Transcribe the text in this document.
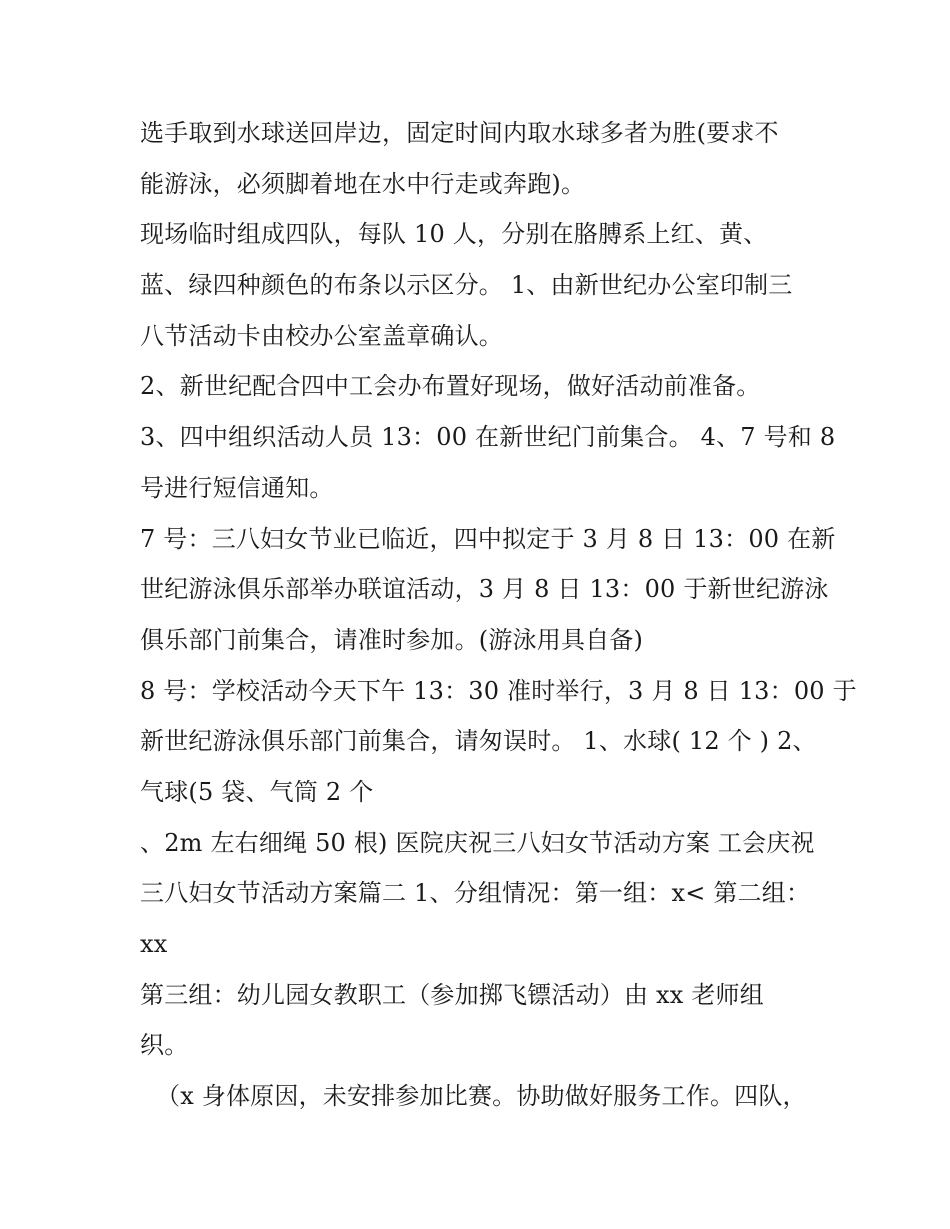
选手取到水球送回岸边，固定时间内取水球多者为胜(要求不
能游泳，必须脚着地在水中行走或奔跑)。
现场临时组成四队，每队 10 人，分别在胳膊系上红、黄、
蓝、绿四种颜色的布条以示区分。 1、由新世纪办公室印制三
八节活动卡由校办公室盖章确认。
2、新世纪配合四中工会办布置好现场，做好活动前准备。
3、四中组织活动人员 13：00 在新世纪门前集合。 4、7 号和 8
号进行短信通知。
7 号：三八妇女节业已临近，四中拟定于 3 月 8 日 13：00 在新
世纪游泳俱乐部举办联谊活动，3 月 8 日 13：00 于新世纪游泳
俱乐部门前集合，请准时参加。(游泳用具自备)
8 号：学校活动今天下午 13：30 准时举行，3 月 8 日 13：00 于
新世纪游泳俱乐部门前集合，请匆误时。 1、水球( 12 个 ) 2、
气球(5 袋、气筒 2 个
、2m 左右细绳 50 根) 医院庆祝三八妇女节活动方案 工会庆祝
三八妇女节活动方案篇二 1、分组情况：第一组：x< 第二组：
xx
第三组：幼儿园女教职工（参加掷飞镖活动）由 xx 老师组
织。
（x 身体原因，未安排参加比赛。协助做好服务工作。四队，
